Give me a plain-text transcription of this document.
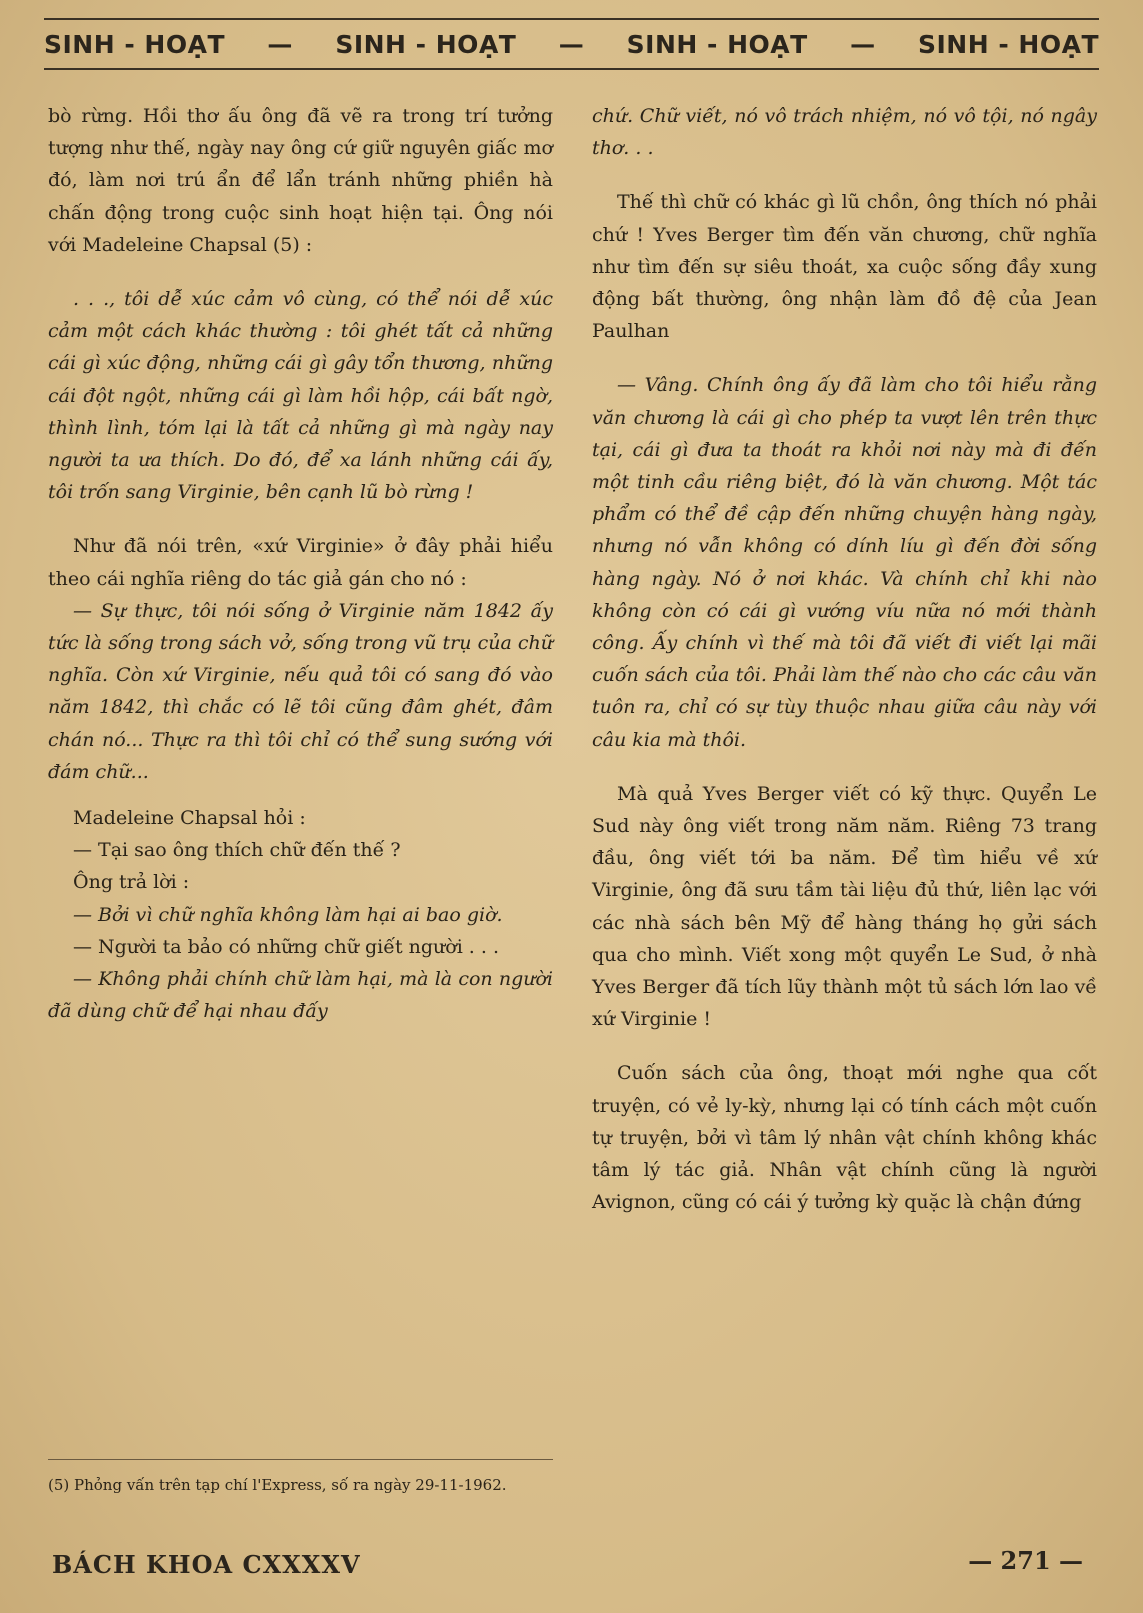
SINH - HOẠT — SINH - HOẠT — SINH - HOẠT — SINH - HOẠT

bò rừng. Hồi thơ ấu ông đã vẽ ra trong trí tưởng tượng như thế, ngày nay ông cứ giữ nguyên giấc mơ đó, làm nơi trú ẩn để lẩn tránh những phiền hà chấn động trong cuộc sinh hoạt hiện tại. Ông nói với Madeleine Chapsal (5) :

. . ., tôi dễ xúc cảm vô cùng, có thể nói dễ xúc cảm một cách khác thường : tôi ghét tất cả những cái gì xúc động, những cái gì gây tổn thương, những cái đột ngột, những cái gì làm hồi hộp, cái bất ngờ, thình lình, tóm lại là tất cả những gì mà ngày nay người ta ưa thích. Do đó, để xa lánh những cái ấy, tôi trốn sang Virginie, bên cạnh lũ bò rừng !

Như đã nói trên, «xứ Virginie» ở đây phải hiểu theo cái nghĩa riêng do tác giả gán cho nó :

— Sự thực, tôi nói sống ở Virginie năm 1842 ấy tức là sống trong sách vở, sống trong vũ trụ của chữ nghĩa. Còn xứ Virginie, nếu quả tôi có sang đó vào năm 1842, thì chắc có lẽ tôi cũng đâm ghét, đâm chán nó... Thực ra thì tôi chỉ có thể sung sướng với đám chữ...

Madeleine Chapsal hỏi :

— Tại sao ông thích chữ đến thế ?

Ông trả lời :

— Bởi vì chữ nghĩa không làm hại ai bao giờ.

— Người ta bảo có những chữ giết người . . .

— Không phải chính chữ làm hại, mà là con người đã dùng chữ để hại nhau đấy

(5) Phỏng vấn trên tạp chí l'Express, số ra ngày 29-11-1962.

chứ. Chữ viết, nó vô trách nhiệm, nó vô tội, nó ngây thơ. . .

Thế thì chữ có khác gì lũ chồn, ông thích nó phải chứ ! Yves Berger tìm đến văn chương, chữ nghĩa như tìm đến sự siêu thoát, xa cuộc sống đầy xung động bất thường, ông nhận làm đồ đệ của Jean Paulhan

— Vâng. Chính ông ấy đã làm cho tôi hiểu rằng văn chương là cái gì cho phép ta vượt lên trên thực tại, cái gì đưa ta thoát ra khỏi nơi này mà đi đến một tinh cầu riêng biệt, đó là văn chương. Một tác phẩm có thể đề cập đến những chuyện hàng ngày, nhưng nó vẫn không có dính líu gì đến đời sống hàng ngày. Nó ở nơi khác. Và chính chỉ khi nào không còn có cái gì vướng víu nữa nó mới thành công. Ấy chính vì thế mà tôi đã viết đi viết lại mãi cuốn sách của tôi. Phải làm thế nào cho các câu văn tuôn ra, chỉ có sự tùy thuộc nhau giữa câu này với câu kia mà thôi.

Mà quả Yves Berger viết có kỹ thực. Quyển Le Sud này ông viết trong năm năm. Riêng 73 trang đầu, ông viết tới ba năm. Để tìm hiểu về xứ Virginie, ông đã sưu tầm tài liệu đủ thứ, liên lạc với các nhà sách bên Mỹ để hàng tháng họ gửi sách qua cho mình. Viết xong một quyển Le Sud, ở nhà Yves Berger đã tích lũy thành một tủ sách lớn lao về xứ Virginie !

Cuốn sách của ông, thoạt mới nghe qua cốt truyện, có vẻ ly-kỳ, nhưng lại có tính cách một cuốn tự truyện, bởi vì tâm lý nhân vật chính không khác tâm lý tác giả. Nhân vật chính cũng là người Avignon, cũng có cái ý tưởng kỳ quặc là chận đứng

BÁCH KHOA CXXXXV	— 271 —
